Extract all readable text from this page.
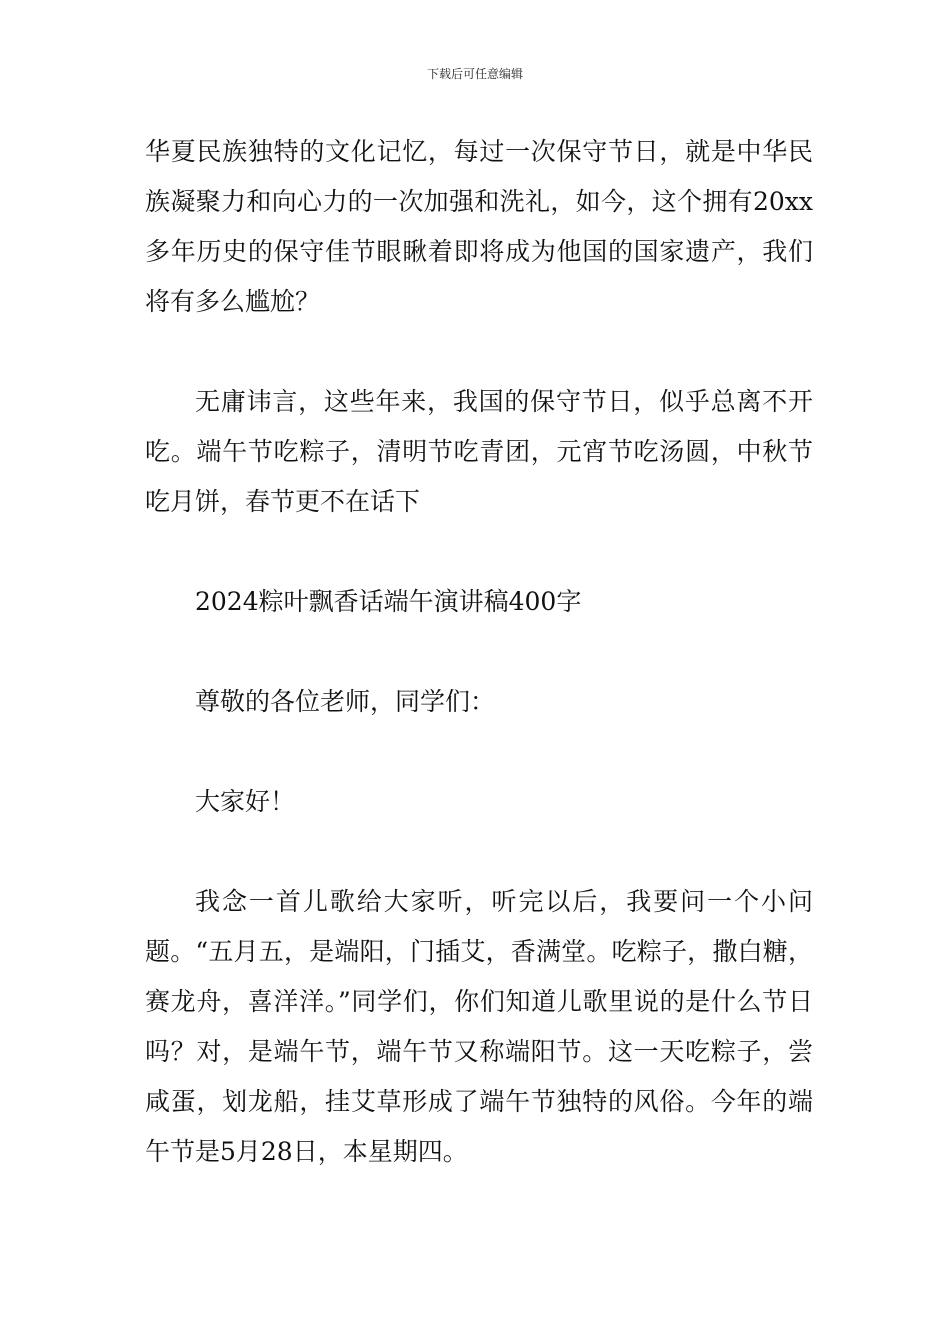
下载后可任意编辑

华夏民族独特的文化记忆，每过一次保守节日，就是中华民族凝聚力和向心力的一次加强和洗礼，如今，这个拥有20xx多年历史的保守佳节眼瞅着即将成为他国的国家遗产，我们将有多么尴尬？

无庸讳言，这些年来，我国的保守节日，似乎总离不开吃。端午节吃粽子，清明节吃青团，元宵节吃汤圆，中秋节吃月饼，春节更不在话下

2024粽叶飘香话端午演讲稿400字

尊敬的各位老师，同学们：

大家好！

我念一首儿歌给大家听，听完以后，我要问一个小问题。“五月五，是端阳，门插艾，香满堂。吃粽子，撒白糖，赛龙舟，喜洋洋。”同学们，你们知道儿歌里说的是什么节日吗？对，是端午节，端午节又称端阳节。这一天吃粽子，尝咸蛋，划龙船，挂艾草形成了端午节独特的风俗。今年的端午节是5月28日，本星期四。
